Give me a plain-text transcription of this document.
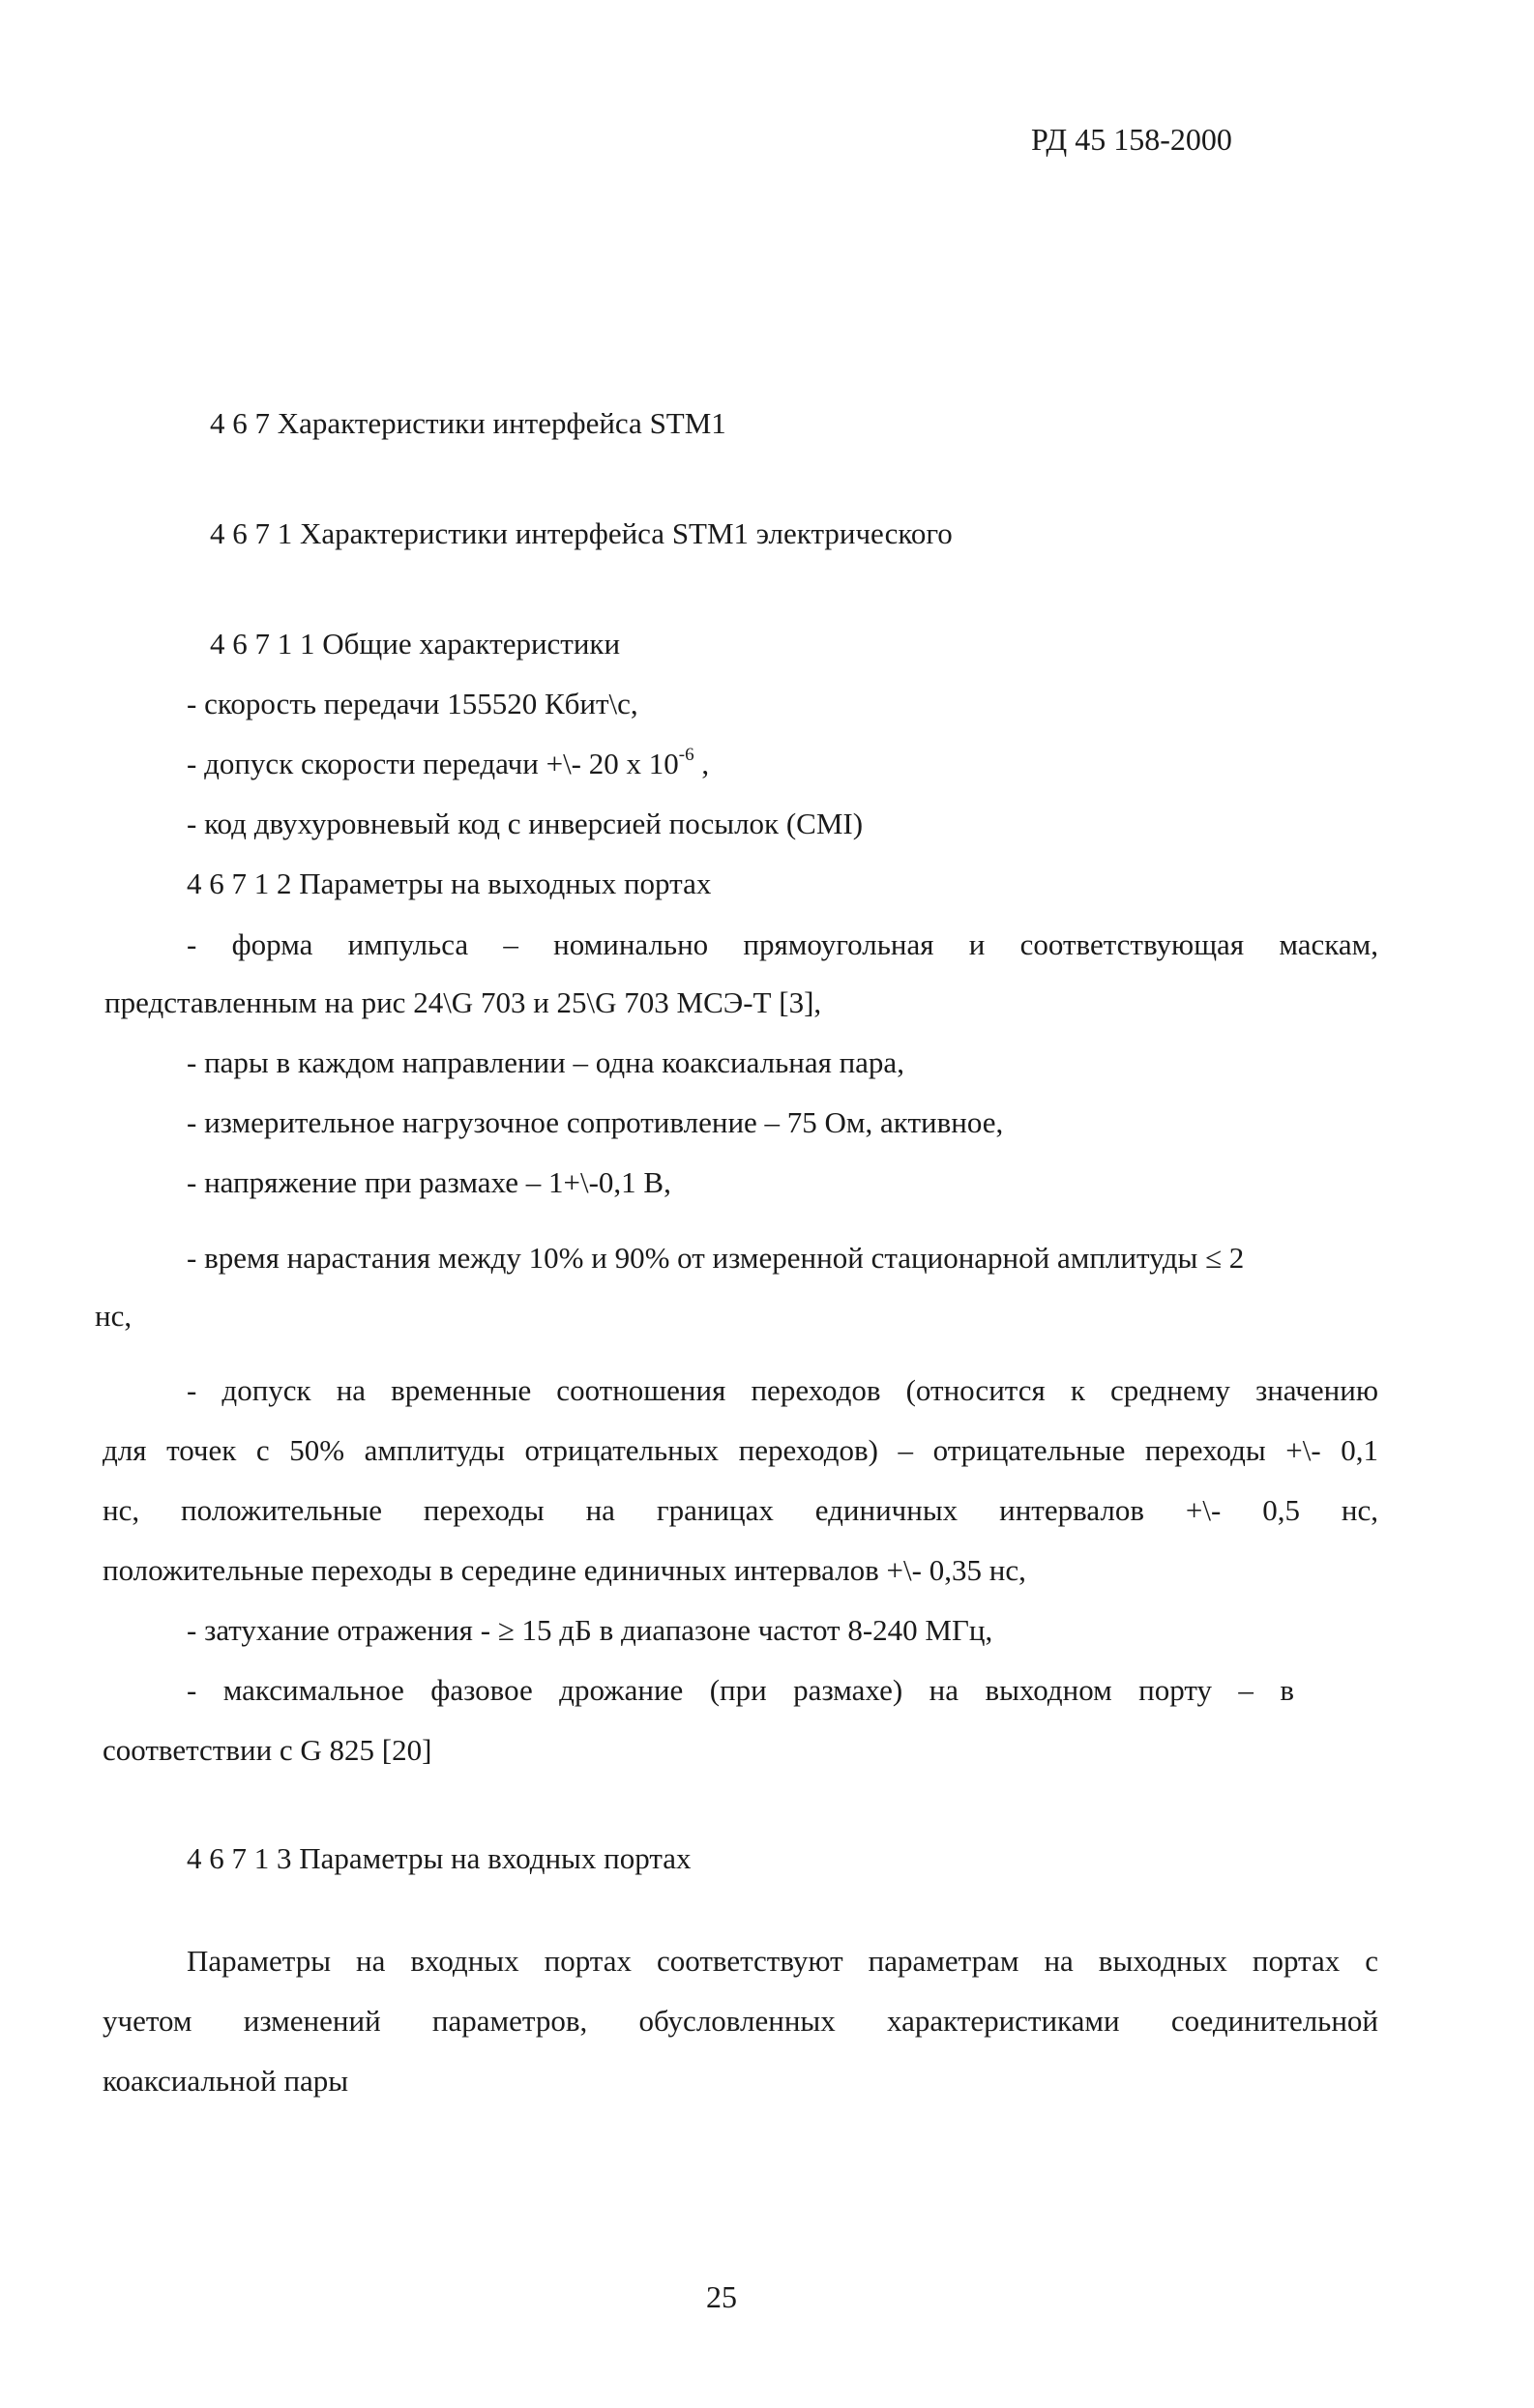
РД 45 158-2000
4 6 7 Характеристики интерфейса STM1
4 6 7 1 Характеристики интерфейса STM1 электрического
4 6 7 1 1 Общие характеристики
- скорость передачи 155520 Кбит\с,
- допуск скорости передачи +\- 20 х $10^{-6}$ ,
- код двухуровневый код с инверсией посылок (CMI)
4 6 7 1 2 Параметры на выходных портах
- форма импульса – номинально прямоугольная и соответствующая маскам,
представленным на рис 24\G 703 и 25\G 703 МСЭ-Т [3],
- пары в каждом направлении – одна коаксиальная пара,
- измерительное нагрузочное сопротивление – 75 Ом, активное,
- напряжение при размахе – 1+\-0,1 В,
- время нарастания между 10% и 90% от измеренной стационарной амплитуды ≤ 2
нс,
- допуск на временные соотношения переходов (относится к среднему значению
для точек с 50% амплитуды отрицательных переходов) – отрицательные переходы +\- 0,1
нс, положительные переходы на границах единичных интервалов +\- 0,5 нс,
положительные переходы в середине единичных интервалов +\- 0,35 нс,
- затухание отражения - ≥ 15 дБ в диапазоне частот 8-240 МГц,
- максимальное фазовое дрожание (при размахе) на выходном порту – в
соответствии с G 825 [20]
4 6 7 1 3 Параметры на входных портах
Параметры на входных портах соответствуют параметрам на выходных портах с
учетом изменений параметров, обусловленных характеристиками соединительной
коаксиальной пары
25
